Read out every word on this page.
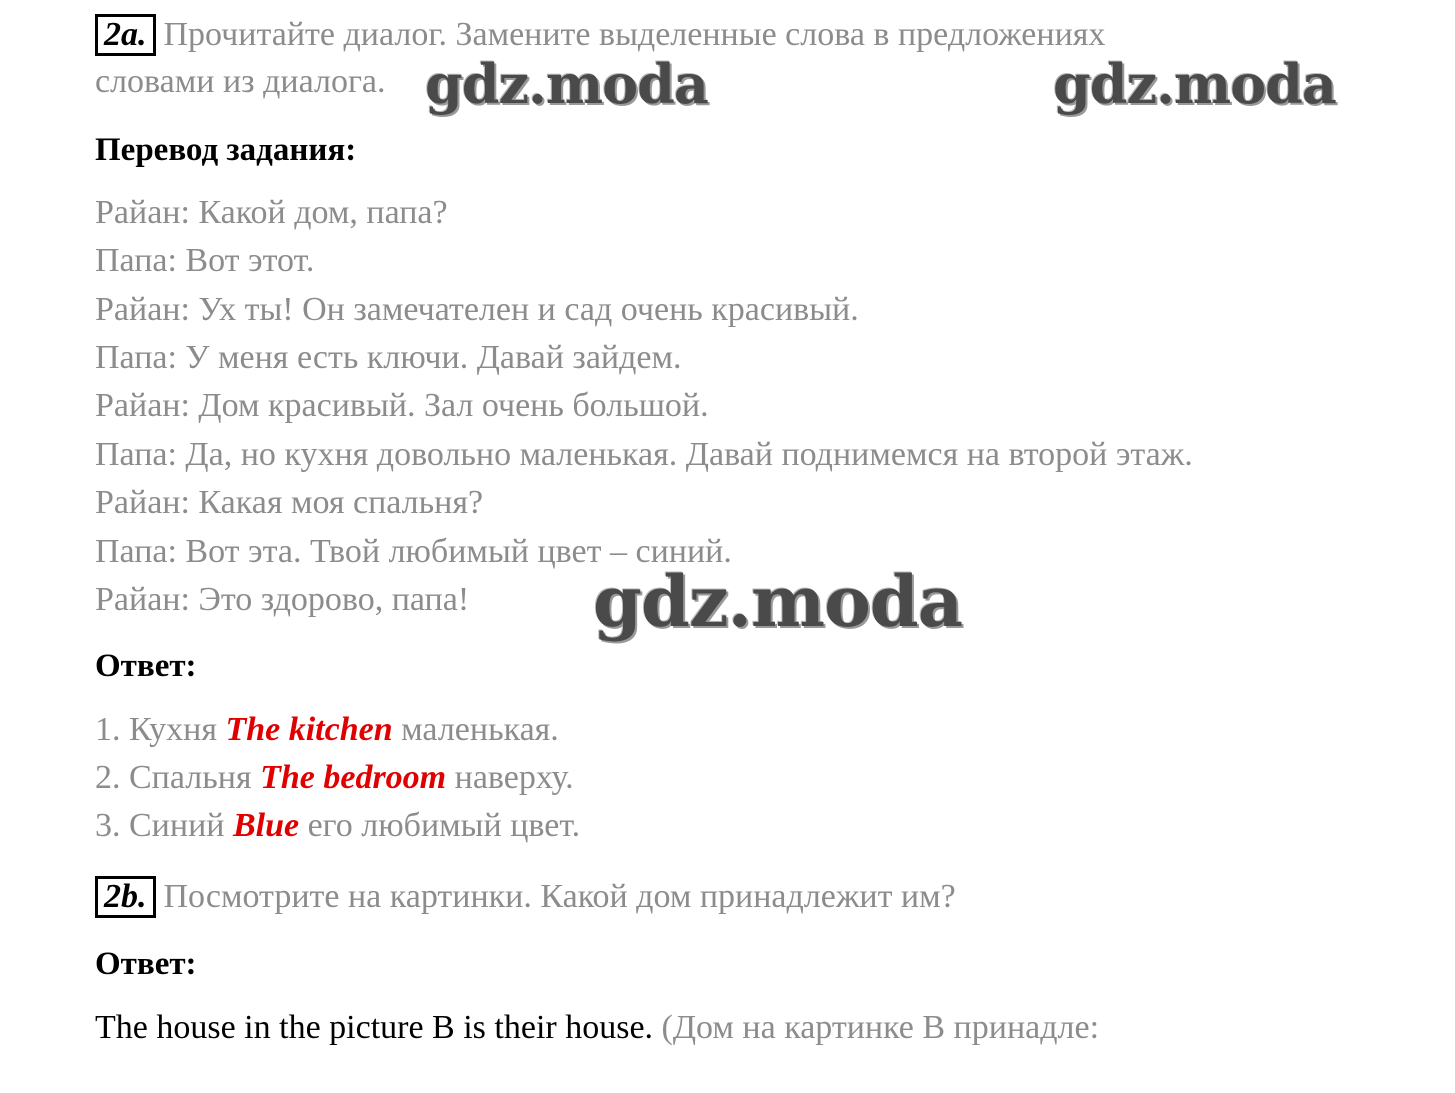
2a. Прочитайте диалог. Замените выделенные слова в предложениях
словами из диалога.
Перевод задания:
Райан: Какой дом, папа?
Папа: Вот этот.
Райан: Ух ты! Он замечателен и сад очень красивый.
Папа: У меня есть ключи. Давай зайдем.
Райан: Дом красивый. Зал очень большой.
Папа: Да, но кухня довольно маленькая. Давай поднимемся на второй этаж.
Райан: Какая моя спальня?
Папа: Вот эта. Твой любимый цвет – синий.
Райан: Это здорово, папа!
Ответ:
1. Кухня The kitchen маленькая.
2. Спальня The bedroom наверху.
3. Синий Blue его любимый цвет.
2b. Посмотрите на картинки. Какой дом принадлежит им?
Ответ:
The house in the picture B is their house. (Дом на картинке В принадле:
gdz.moda	gdz.moda
gdz.moda
